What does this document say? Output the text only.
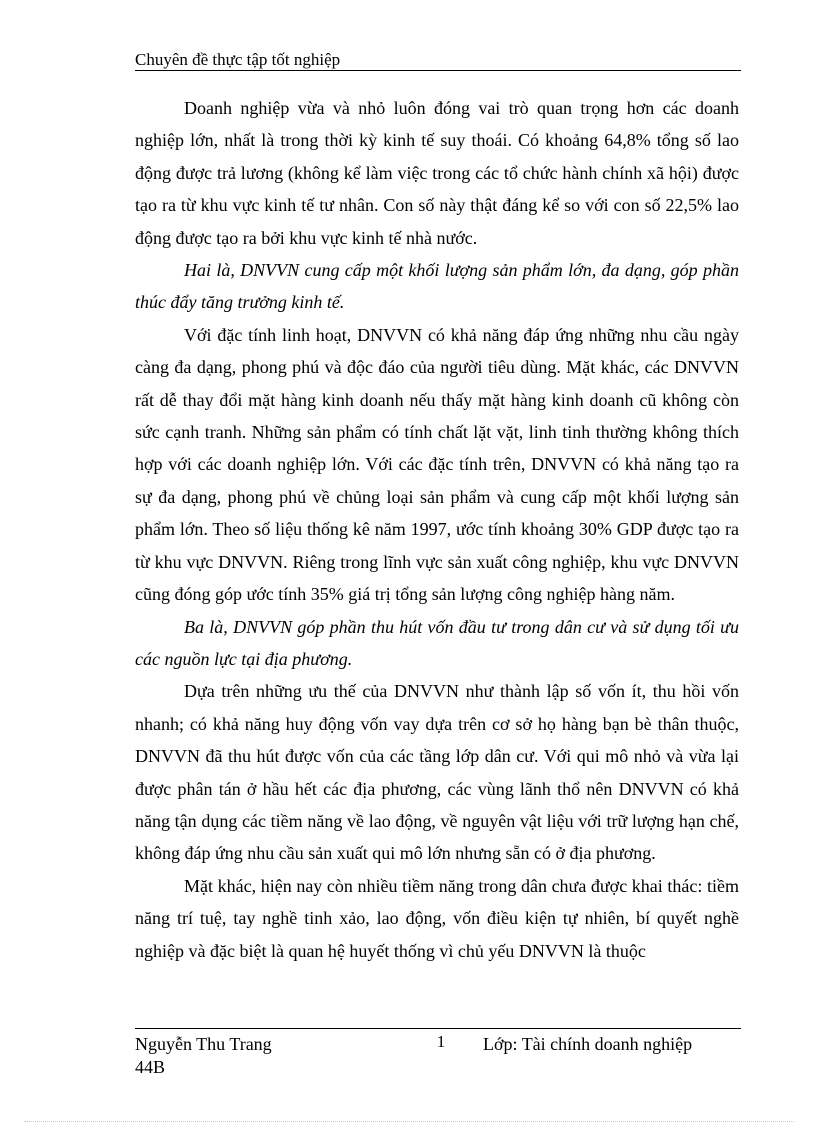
Chuyên đề thực tập tốt nghiệp

Doanh nghiệp vừa và nhỏ luôn đóng vai trò quan trọng hơn các doanh nghiệp lớn, nhất là trong thời kỳ kinh tế suy thoái. Có khoảng 64,8% tổng số lao động được trả lương (không kể làm việc trong các tổ chức hành chính xã hội) được tạo ra từ khu vực kinh tế tư nhân. Con số này thật đáng kể so với con số 22,5% lao động được tạo ra bởi khu vực kinh tế nhà nước.

Hai là, DNVVN cung cấp một khối lượng sản phẩm lớn, đa dạng, góp phần thúc đẩy tăng trưởng kinh tế.

Với đặc tính linh hoạt, DNVVN có khả năng đáp ứng những nhu cầu ngày càng đa dạng, phong phú và độc đáo của người tiêu dùng. Mặt khác, các DNVVN rất dễ thay đổi mặt hàng kinh doanh nếu thấy mặt hàng kinh doanh cũ không còn sức cạnh tranh. Những sản phẩm có tính chất lặt vặt, linh tinh thường không thích hợp với các doanh nghiệp lớn. Với các đặc tính trên, DNVVN có khả năng tạo ra sự đa dạng, phong phú về chủng loại sản phẩm và cung cấp một khối lượng sản phẩm lớn. Theo số liệu thống kê năm 1997, ước tính khoảng 30% GDP được tạo ra từ khu vực DNVVN. Riêng trong lĩnh vực sản xuất công nghiệp, khu vực DNVVN cũng đóng góp ước tính 35% giá trị tổng sản lượng công nghiệp hàng năm.

Ba là, DNVVN góp phần thu hút vốn đầu tư trong dân cư và sử dụng tối ưu các nguồn lực tại địa phương.

Dựa trên những ưu thế của DNVVN như thành lập số vốn ít, thu hồi vốn nhanh; có khả năng huy động vốn vay dựa trên cơ sở họ hàng bạn bè thân thuộc, DNVVN đã thu hút được vốn của các tầng lớp dân cư. Với qui mô nhỏ và vừa lại được phân tán ở hầu hết các địa phương, các vùng lãnh thổ nên DNVVN có khả năng tận dụng các tiềm năng về lao động, về nguyên vật liệu với trữ lượng hạn chế, không đáp ứng nhu cầu sản xuất qui mô lớn nhưng sẵn có ở địa phương.

Mặt khác, hiện nay còn nhiều tiềm năng trong dân chưa được khai thác: tiềm năng trí tuệ, tay nghề tinh xảo, lao động, vốn điều kiện tự nhiên, bí quyết nghề nghiệp và đặc biệt là quan hệ huyết thống vì chủ yếu DNVVN là thuộc

Nguyễn Thu Trang
44B
1 Lớp: Tài chính doanh nghiệp
